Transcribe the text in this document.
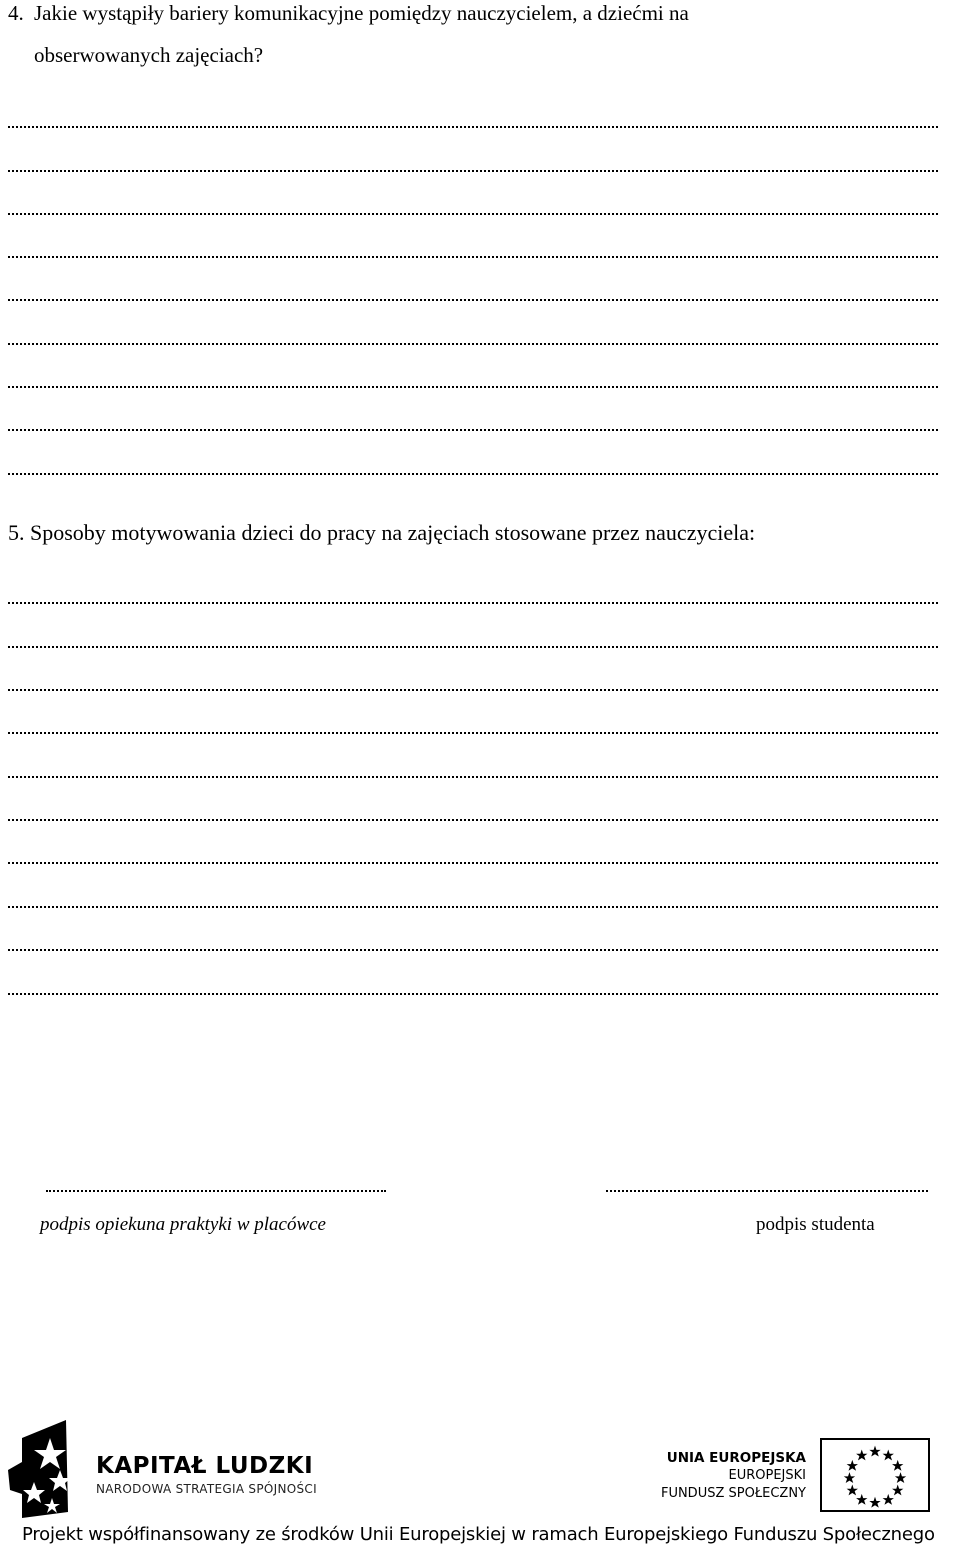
4. Jakie wystąpiły bariery komunikacyjne pomiędzy nauczycielem, a dziećmi na
obserwowanych zajęciach?
5. Sposoby motywowania dzieci do pracy na zajęciach stosowane przez nauczyciela:
podpis opiekuna praktyki w placówce	podpis studenta
KAPITAŁ LUDZKI
NARODOWA STRATEGIA SPÓJNOŚCI
UNIA EUROPEJSKA
EUROPEJSKI
FUNDUSZ SPOŁECZNY
Projekt współfinansowany ze środków Unii Europejskiej w ramach Europejskiego Funduszu Społecznego
